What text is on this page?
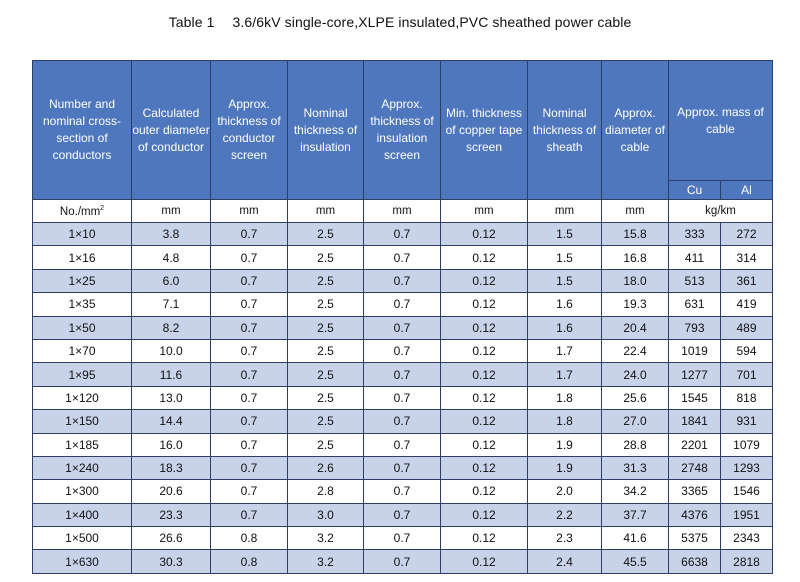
Table 1 3.6/6kV single-core,XLPE insulated,PVC sheathed power cable
Number and nominal cross-section of conductors	Calculated outer diameter of conductor	Approx. thickness of conductor screen	Nominal thickness of insulation	Approx. thickness of insulation screen	Min. thickness of copper tape screen	Nominal thickness of sheath	Approx. diameter of cable	Approx. mass of cable	
								Cu	Al
$No./mm^2$	mm	mm	mm	mm	mm	mm	mm	kg/km	
1×10	3.8	0.7	2.5	0.7	0.12	1.5	15.8	333	272
1×16	4.8	0.7	2.5	0.7	0.12	1.5	16.8	411	314
1×25	6.0	0.7	2.5	0.7	0.12	1.5	18.0	513	361
1×35	7.1	0.7	2.5	0.7	0.12	1.6	19.3	631	419
1×50	8.2	0.7	2.5	0.7	0.12	1.6	20.4	793	489
1×70	10.0	0.7	2.5	0.7	0.12	1.7	22.4	1019	594
1×95	11.6	0.7	2.5	0.7	0.12	1.7	24.0	1277	701
1×120	13.0	0.7	2.5	0.7	0.12	1.8	25.6	1545	818
1×150	14.4	0.7	2.5	0.7	0.12	1.8	27.0	1841	931
1×185	16.0	0.7	2.5	0.7	0.12	1.9	28.8	2201	1079
1×240	18.3	0.7	2.6	0.7	0.12	1.9	31.3	2748	1293
1×300	20.6	0.7	2.8	0.7	0.12	2.0	34.2	3365	1546
1×400	23.3	0.7	3.0	0.7	0.12	2.2	37.7	4376	1951
1×500	26.6	0.8	3.2	0.7	0.12	2.3	41.6	5375	2343
1×630	30.3	0.8	3.2	0.7	0.12	2.4	45.5	6638	2818
